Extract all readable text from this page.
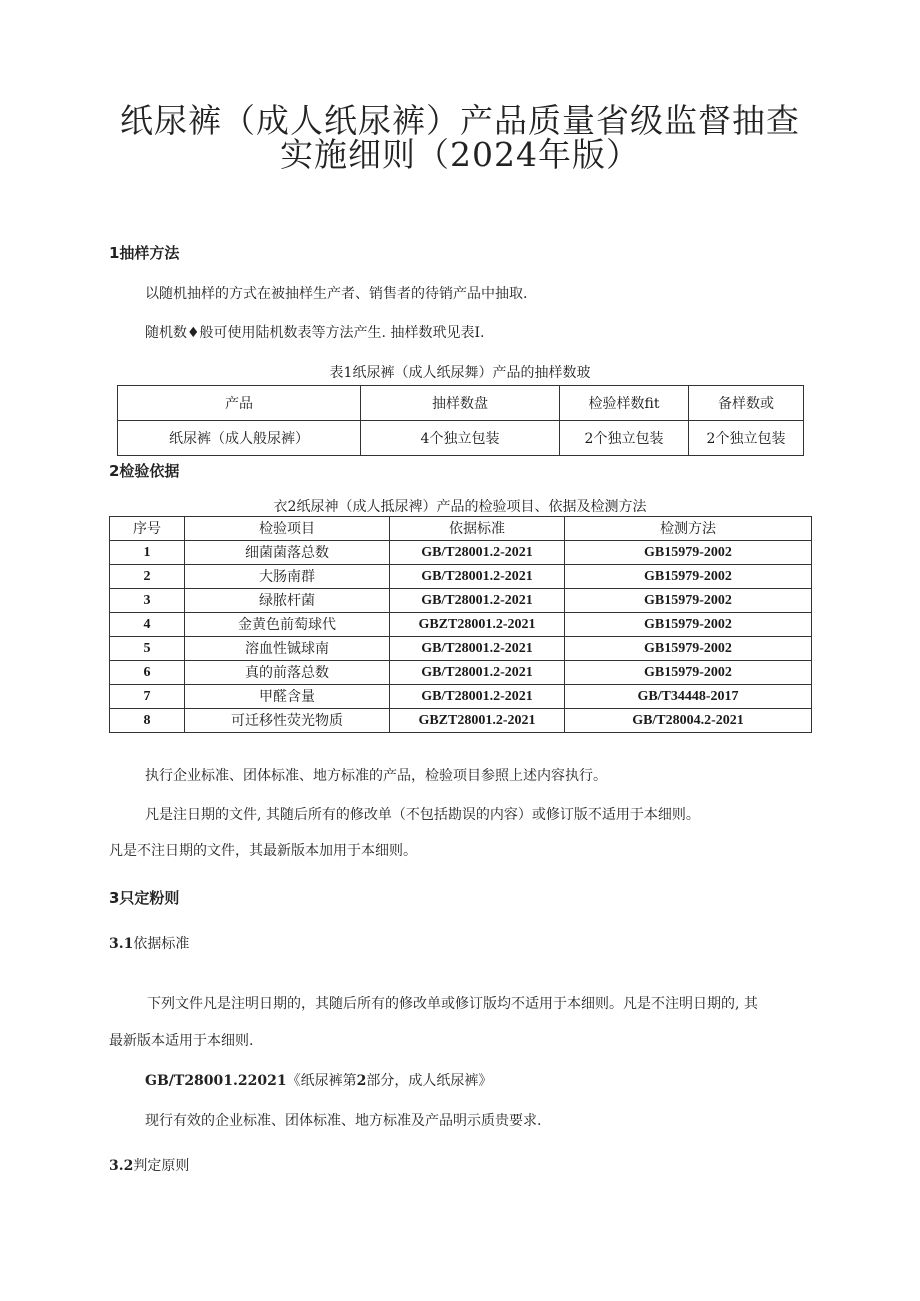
纸尿裤（成人纸尿裤）产品质量省级监督抽查
实施细则（2024年版）
1抽样方法
以随机抽样的方式在被抽样生产者、销售者的待销产品中抽取.
随机数♦般可使用陆机数表等方法产生. 抽样数玳见表I.
表1纸尿裤（成人纸尿舞）产品的抽样数玻
产品	抽样数盘	检验样数fit	备样数或
纸尿裤（成人般尿裤）	4个独立包装	2个独立包装	2个独立包装
2检验依据
衣2纸尿神（成人抵尿裨）产品的检验项目、依据及检测方法
序号	检验项目	依据标准	检测方法
1	细菌菌落总数	GB/T28001.2-2021	GB15979-2002
2	大肠南群	GB/T28001.2-2021	GB15979-2002
3	绿脓杆菌	GB/T28001.2-2021	GB15979-2002
4	金黄色前萄球代	GBZT28001.2-2021	GB15979-2002
5	溶血性铖球南	GB/T28001.2-2021	GB15979-2002
6	真的前落总数	GB/T28001.2-2021	GB15979-2002
7	甲醛含量	GB/T28001.2-2021	GB/T34448-2017
8	可迁移性荧光物质	GBZT28001.2-2021	GB/T28004.2-2021
执行企业标准、团体标准、地方标准的产品，检验项目参照上述内容执行。
凡是注日期的文件, 其随后所有的修改单（不包括勘误的内容）或修订版不适用于本细则。
凡是不注日期的文件，其最新版本加用于本细则。
3只定粉则
3.1依据标准
下列文件凡是注明日期的，其随后所有的修改单或修订版均不适用于本细则。凡是不注明日期的, 其
最新版本适用于本细则.
GB/T28001.22021《纸尿裤第2部分，成人纸尿裤》
现行有效的企业标准、团体标准、地方标准及产品明示质贵要求.
3.2判定原则
